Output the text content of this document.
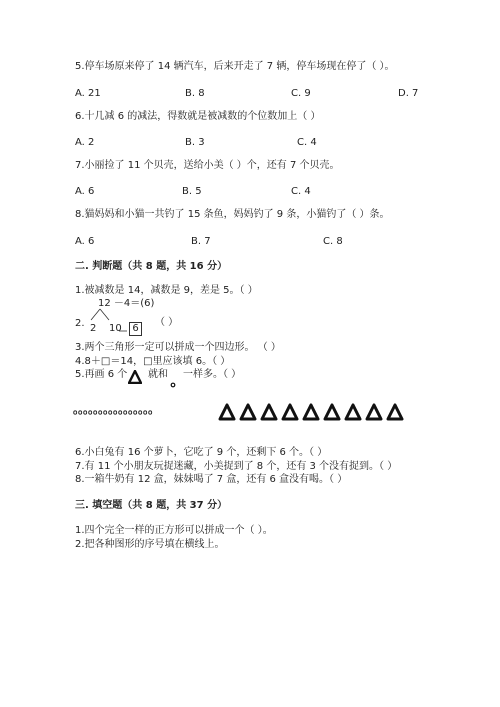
5.停车场原来停了 14 辆汽车，后来开走了 7 辆，停车场现在停了（ ）。
A. 21	B. 8	C. 9	D. 7
6.十几减 6 的减法，得数就是被减数的个位数加上（ ）
A. 2	B. 3	C. 4
7.小丽捡了 11 个贝壳，送给小美（ ）个，还有 7 个贝壳。
A. 6	B. 5	C. 4
8.猫妈妈和小猫一共钓了 15 条鱼，妈妈钓了 9 条，小猫钓了（ ）条。
A. 6	B. 7	C. 8
二. 判断题（共 8 题，共 16 分）
1.被减数是 14，减数是 9，差是 5。（ ）
2.
12 －4＝(6)
2 10	6
（ ）
3.两个三角形一定可以拼成一个四边形。 （ ）
4.8＋□＝14，□里应该填 6。（ ）
5.再画 6 个 就和 一样多。（ ）
。。。。。。。。。。。。。。。。
6.小白兔有 16 个萝卜，它吃了 9 个，还剩下 6 个。（ ）
7.有 11 个小朋友玩捉迷藏，小美捉到了 8 个，还有 3 个没有捉到。（ ）
8.一箱牛奶有 12 盒，妹妹喝了 7 盒，还有 6 盒没有喝。（ ）
三. 填空题（共 8 题，共 37 分）
1.四个完全一样的正方形可以拼成一个（ ）。
2.把各种图形的序号填在横线上。
